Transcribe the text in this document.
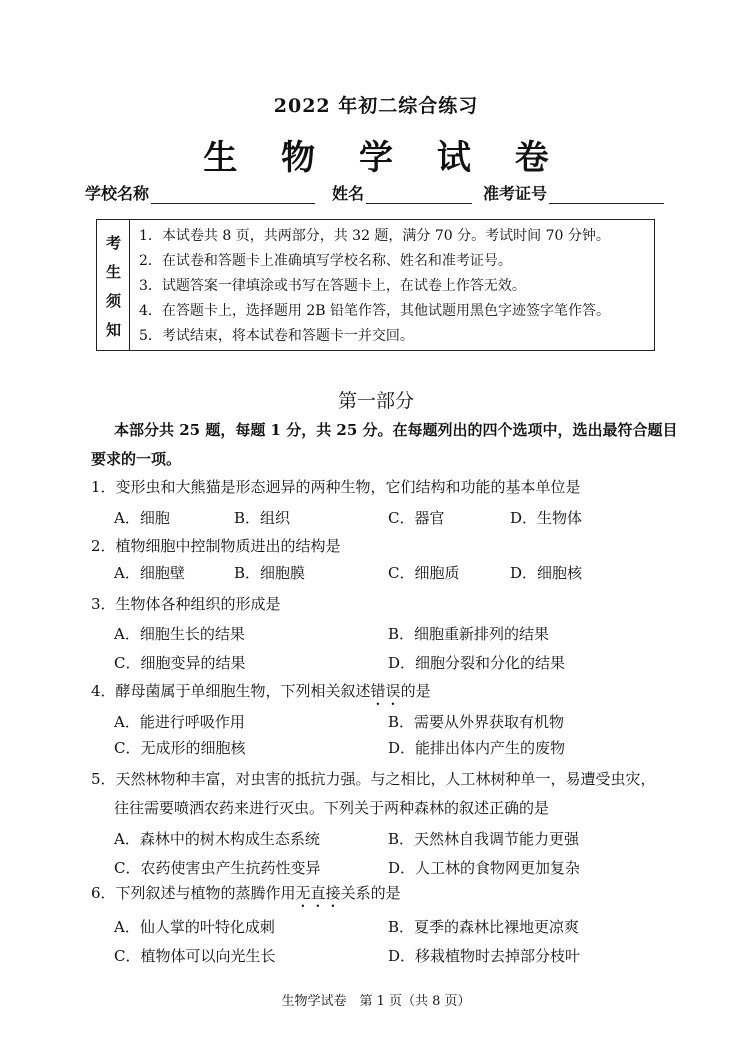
2022 年初二综合练习
生 物 学 试 卷
学校名称	姓名	准考证号
考
生
须
知
1．本试卷共 8 页，共两部分，共 32 题，满分 70 分。考试时间 70 分钟。
2．在试卷和答题卡上准确填写学校名称、姓名和准考证号。
3．试题答案一律填涂或书写在答题卡上，在试卷上作答无效。
4．在答题卡上，选择题用 2B 铅笔作答，其他试题用黑色字迹签字笔作答。
5．考试结束，将本试卷和答题卡一并交回。
第一部分
本部分共 25 题，每题 1 分，共 25 分。在每题列出的四个选项中，选出最符合题目
要求的一项。
1．变形虫和大熊猫是形态迥异的两种生物，它们结构和功能的基本单位是
A．细胞	B．组织	C．器官	D．生物体
2．植物细胞中控制物质进出的结构是
A．细胞壁	B．细胞膜	C．细胞质	D．细胞核
3．生物体各种组织的形成是
A．细胞生长的结果	B．细胞重新排列的结果
C．细胞变异的结果	D．细胞分裂和分化的结果
4．酵母菌属于单细胞生物，下列相关叙述错误的是
A．能进行呼吸作用	B．需要从外界获取有机物
C．无成形的细胞核	D．能排出体内产生的废物
5．天然林物种丰富，对虫害的抵抗力强。与之相比，人工林树种单一，易遭受虫灾，
往往需要喷洒农药来进行灭虫。下列关于两种森林的叙述正确的是
A．森林中的树木构成生态系统	B．天然林自我调节能力更强
C．农药使害虫产生抗药性变异	D．人工林的食物网更加复杂
6．下列叙述与植物的蒸腾作用无直接关系的是
A．仙人掌的叶特化成刺	B．夏季的森林比裸地更凉爽
C．植物体可以向光生长	D．移栽植物时去掉部分枝叶
生物学试卷　第 1 页（共 8 页）
